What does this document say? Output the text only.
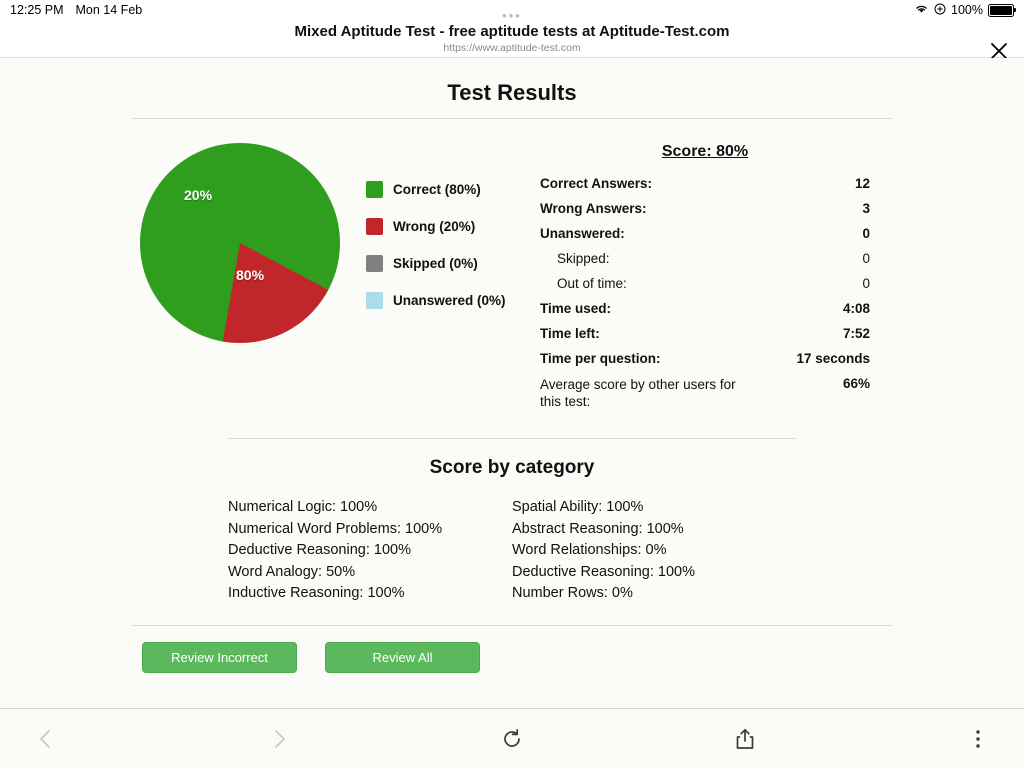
12:25 PM Mon 14 Feb	100%
•••
Mixed Aptitude Test - free aptitude tests at Aptitude-Test.com
https://www.aptitude-test.com
Test Results
80%
20%	Correct (80%)
Wrong (20%)
Skipped (0%)
Unanswered (0%)
Score: 80%
Correct Answers:	12
Wrong Answers:	3
Unanswered:	0
Skipped:	0
Out of time:	0
Time used:	4:08
Time left:	7:52
Time per question:	17 seconds
Average score by other users for this test:
66%
Score by category
Numerical Logic: 100%
Numerical Word Problems: 100%
Deductive Reasoning: 100%
Word Analogy: 50%
Inductive Reasoning: 100%
Spatial Ability: 100%
Abstract Reasoning: 100%
Word Relationships: 0%
Deductive Reasoning: 100%
Number Rows: 0%
Review Incorrect	Review All
